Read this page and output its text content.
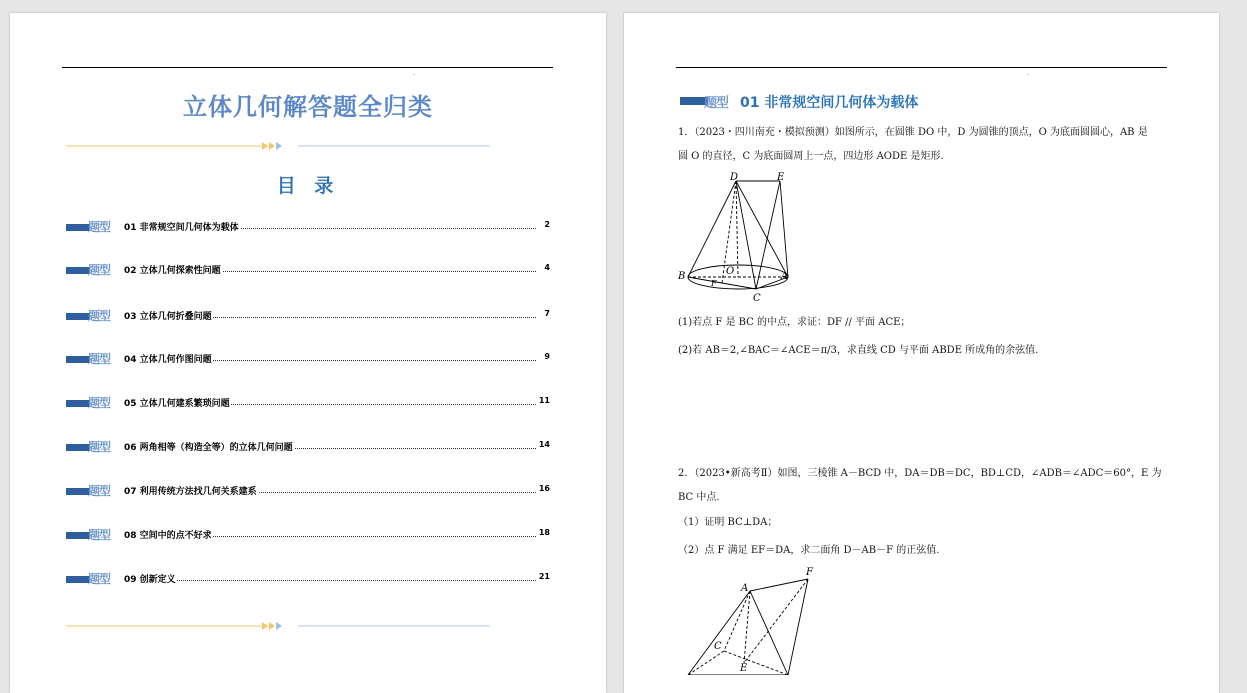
.
立体几何解答题全归类
目 录
题型 01 非常规空间几何体为载体	2
题型 02 立体几何探索性问题	4
题型 03 立体几何折叠问题	7
题型 04 立体几何作图问题	9
题型 05 立体几何建系繁琐问题	11
题型 06 两角相等（构造全等）的立体几何问题	14
题型 07 利用传统方法找几何关系建系	16
题型 08 空间中的点不好求	18
题型 09 创新定义	21
.
题型 01 非常规空间几何体为载体
1．（2023・四川南充・模拟预测）如图所示，在圆锥 DO 中，D 为圆锥的顶点，O 为底面圆圆心，AB 是
圆 O 的直径，C 为底面圆周上一点，四边形 AODE 是矩形.
D	E
B	O	A
C
F
(1)若点 F 是 BC 的中点，求证：DF // 平面 ACE；
(2)若 AB＝2,∠BAC＝∠ACE＝π/3，求直线 CD 与平面 ABDE 所成角的余弦值.
2．（2023•新高考Ⅱ）如图，三棱锥 A－BCD 中，DA＝DB＝DC，BD⊥CD，∠ADB＝∠ADC＝60°，E 为
BC 中点.
（1）证明 BC⊥DA；
（2）点 F 满足 EF＝DA，求二面角 D－AB－F 的正弦值.
A
F
C
E
